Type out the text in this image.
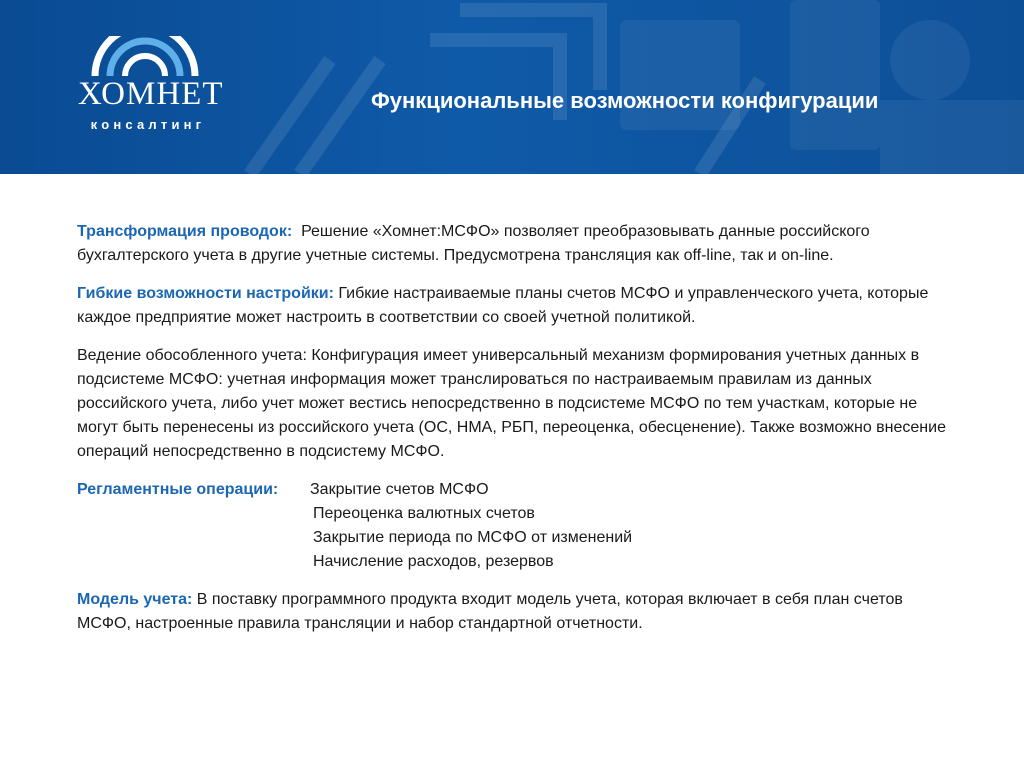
ХОМНЕТ
консалтинг
Функциональные возможности конфигурации

Трансформация проводок:  Решение «Хомнет:МСФО» позволяет преобразовывать данные российского бухгалтерского учета в другие учетные системы. Предусмотрена трансляция как off-line, так и on-line.

Гибкие возможности настройки: Гибкие настраиваемые планы счетов МСФО и управленческого учета, которые каждое предприятие может настроить в соответствии со своей учетной политикой.

Ведение обособленного учета: Конфигурация имеет универсальный механизм формирования учетных данных в подсистеме МСФО: учетная информация может транслироваться по настраиваемым правилам из данных российского учета, либо учет может вестись непосредственно в подсистеме МСФО по тем участкам, которые не могут быть перенесены из российского учета (ОС, НМА, РБП, переоценка, обесценение). Также возможно внесение операций непосредственно в подсистему МСФО.

Регламентные операции:	Закрытие счетов МСФО
Переоценка валютных счетов
Закрытие периода по МСФО от изменений
Начисление расходов, резервов

Модель учета: В поставку программного продукта входит модель учета, которая включает в себя план счетов МСФО, настроенные правила трансляции и набор стандартной отчетности.
